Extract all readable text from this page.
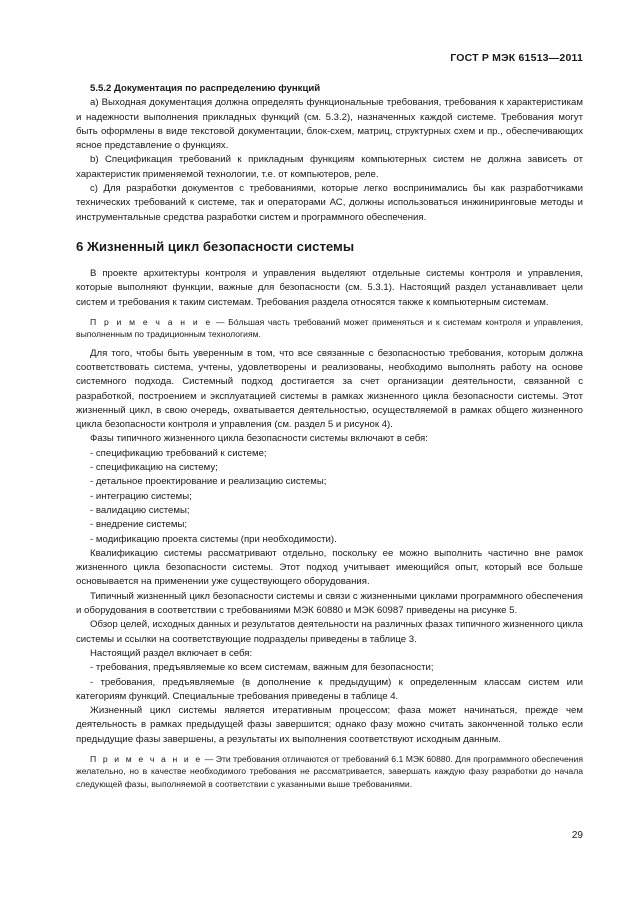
ГОСТ Р МЭК 61513—2011

5.5.2 Документация по распределению функций

a) Выходная документация должна определять функциональные требования, требования к характеристикам и надежности выполнения прикладных функций (см. 5.3.2), назначенных каждой системе. Требования могут быть оформлены в виде текстовой документации, блок-схем, матриц, структурных схем и пр., обеспечивающих ясное представление о функциях.

b) Спецификация требований к прикладным функциям компьютерных систем не должна зависеть от характеристик применяемой технологии, т.е. от компьютеров, реле.

c) Для разработки документов с требованиями, которые легко воспринимались бы как разработчиками технических требований к системе, так и операторами АС, должны использоваться инжиниринговые методы и инструментальные средства разработки систем и программного обеспечения.

6 Жизненный цикл безопасности системы

В проекте архитектуры контроля и управления выделяют отдельные системы контроля и управления, которые выполняют функции, важные для безопасности (см. 5.3.1). Настоящий раздел устанавливает цели систем и требования к таким системам. Требования раздела относятся также к компьютерным системам.

П р и м е ч а н и е — Бóльшая часть требований может применяться и к системам контроля и управления, выполненным по традиционным технологиям.

Для того, чтобы быть уверенным в том, что все связанные с безопасностью требования, которым должна соответствовать система, учтены, удовлетворены и реализованы, необходимо выполнять работу на основе системного подхода. Системный подход достигается за счет организации деятельности, связанной с разработкой, построением и эксплуатацией системы в рамках жизненного цикла безопасности системы. Этот жизненный цикл, в свою очередь, охватывается деятельностью, осуществляемой в рамках общего жизненного цикла безопасности контроля и управления (см. раздел 5 и рисунок 4).

Фазы типичного жизненного цикла безопасности системы включают в себя:

- спецификацию требований к системе;

- спецификацию на систему;

- детальное проектирование и реализацию системы;

- интеграцию системы;

- валидацию системы;

- внедрение системы;

- модификацию проекта системы (при необходимости).

Квалификацию системы рассматривают отдельно, поскольку ее можно выполнить частично вне рамок жизненного цикла безопасности системы. Этот подход учитывает имеющийся опыт, который все больше основывается на применении уже существующего оборудования.

Типичный жизненный цикл безопасности системы и связи с жизненными циклами программного обеспечения и оборудования в соответствии с требованиями МЭК 60880 и МЭК 60987 приведены на рисунке 5.

Обзор целей, исходных данных и результатов деятельности на различных фазах типичного жизненного цикла системы и ссылки на соответствующие подразделы приведены в таблице 3.

Настоящий раздел включает в себя:

- требования, предъявляемые ко всем системам, важным для безопасности;

- требования, предъявляемые (в дополнение к предыдущим) к определенным классам систем или категориям функций. Специальные требования приведены в таблице 4.

Жизненный цикл системы является итеративным процессом; фаза может начинаться, прежде чем деятельность в рамках предыдущей фазы завершится; однако фазу можно считать законченной только если предыдущие фазы завершены, а результаты их выполнения соответствуют исходным данным.

П р и м е ч а н и е — Эти требования отличаются от требований 6.1 МЭК 60880. Для программного обеспечения желательно, но в качестве необходимого требования не рассматривается, завершать каждую фазу разработки до начала следующей фазы, выполняемой в соответствии с указанными выше требованиями.

29
